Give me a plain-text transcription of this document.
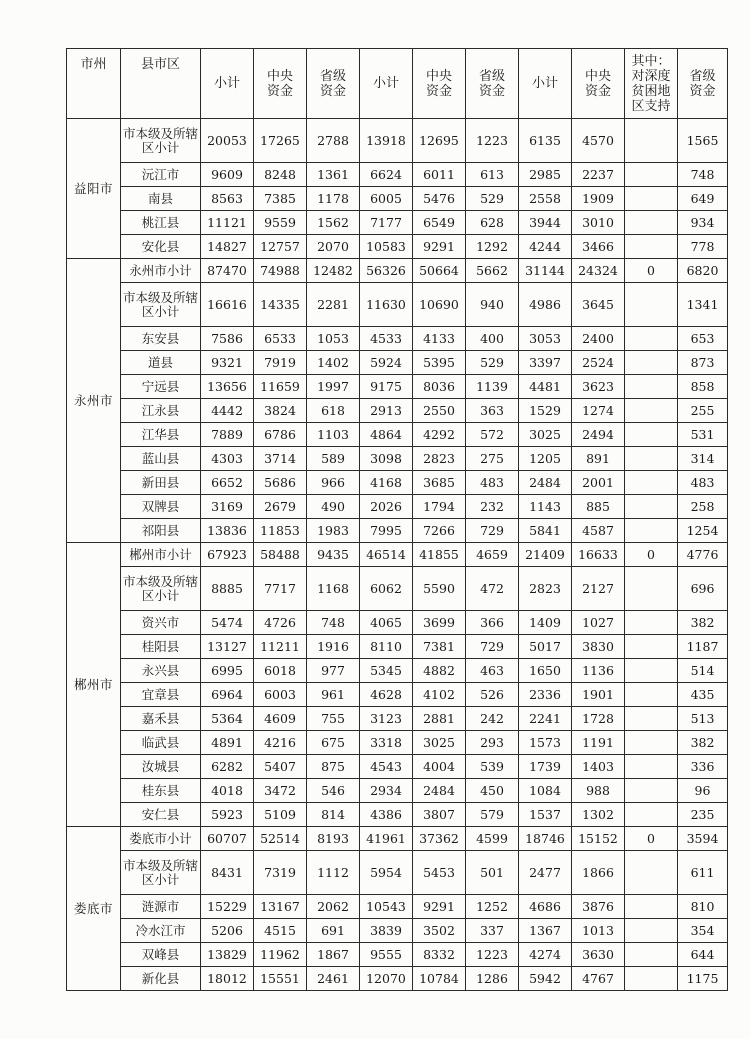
市州	县市区	小计	中央资金	省级资金	小计	中央资金	省级资金	小计	中央资金	其中：对深度贫困地区支持	省级资金
益阳市	市本级及所辖区小计	20053	17265	2788	13918	12695	1223	6135	4570		1565
	沅江市	9609	8248	1361	6624	6011	613	2985	2237		748
	南县	8563	7385	1178	6005	5476	529	2558	1909		649
	桃江县	11121	9559	1562	7177	6549	628	3944	3010		934
	安化县	14827	12757	2070	10583	9291	1292	4244	3466		778
永州市	永州市小计	87470	74988	12482	56326	50664	5662	31144	24324	0	6820
	市本级及所辖区小计	16616	14335	2281	11630	10690	940	4986	3645		1341
	东安县	7586	6533	1053	4533	4133	400	3053	2400		653
	道县	9321	7919	1402	5924	5395	529	3397	2524		873
	宁远县	13656	11659	1997	9175	8036	1139	4481	3623		858
	江永县	4442	3824	618	2913	2550	363	1529	1274		255
	江华县	7889	6786	1103	4864	4292	572	3025	2494		531
	蓝山县	4303	3714	589	3098	2823	275	1205	891		314
	新田县	6652	5686	966	4168	3685	483	2484	2001		483
	双牌县	3169	2679	490	2026	1794	232	1143	885		258
	祁阳县	13836	11853	1983	7995	7266	729	5841	4587		1254
郴州市	郴州市小计	67923	58488	9435	46514	41855	4659	21409	16633	0	4776
	市本级及所辖区小计	8885	7717	1168	6062	5590	472	2823	2127		696
	资兴市	5474	4726	748	4065	3699	366	1409	1027		382
	桂阳县	13127	11211	1916	8110	7381	729	5017	3830		1187
	永兴县	6995	6018	977	5345	4882	463	1650	1136		514
	宜章县	6964	6003	961	4628	4102	526	2336	1901		435
	嘉禾县	5364	4609	755	3123	2881	242	2241	1728		513
	临武县	4891	4216	675	3318	3025	293	1573	1191		382
	汝城县	6282	5407	875	4543	4004	539	1739	1403		336
	桂东县	4018	3472	546	2934	2484	450	1084	988		96
	安仁县	5923	5109	814	4386	3807	579	1537	1302		235
娄底市	娄底市小计	60707	52514	8193	41961	37362	4599	18746	15152	0	3594
	市本级及所辖区小计	8431	7319	1112	5954	5453	501	2477	1866		611
	涟源市	15229	13167	2062	10543	9291	1252	4686	3876		810
	冷水江市	5206	4515	691	3839	3502	337	1367	1013		354
	双峰县	13829	11962	1867	9555	8332	1223	4274	3630		644
	新化县	18012	15551	2461	12070	10784	1286	5942	4767		1175
